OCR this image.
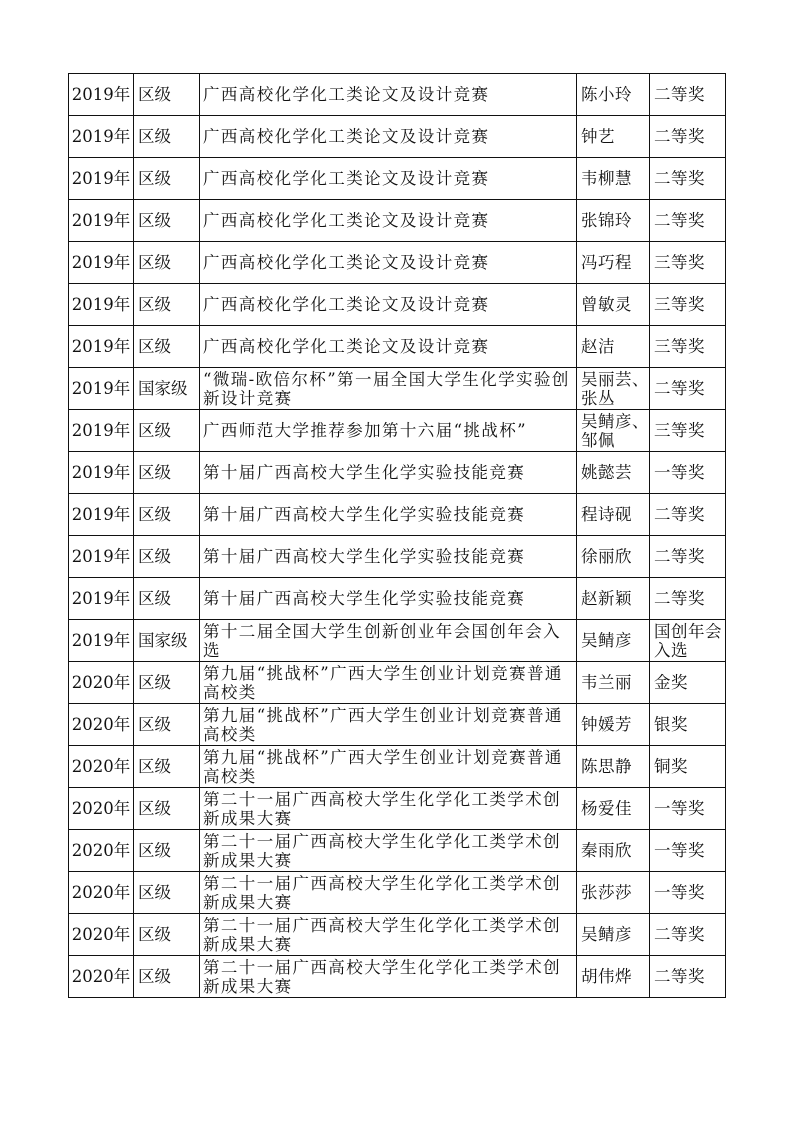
2019年	区级	广西高校化学化工类论文及设计竞赛	陈小玲	二等奖

2019年	区级	广西高校化学化工类论文及设计竞赛	钟艺	二等奖

2019年	区级	广西高校化学化工类论文及设计竞赛	韦柳慧	二等奖

2019年	区级	广西高校化学化工类论文及设计竞赛	张锦玲	二等奖

2019年	区级	广西高校化学化工类论文及设计竞赛	冯巧程	三等奖

2019年	区级	广西高校化学化工类论文及设计竞赛	曾敏灵	三等奖

2019年	区级	广西高校化学化工类论文及设计竞赛	赵洁	三等奖

2019年	国家级	“微瑞-欧倍尔杯”第一届全国大学生化学实验创新设计竞赛	吴丽芸、张丛	二等奖

2019年	区级	广西师范大学推荐参加第十六届“挑战杯”	吴鲭彦、邹佩	三等奖

2019年	区级	第十届广西高校大学生化学实验技能竞赛	姚懿芸	一等奖

2019年	区级	第十届广西高校大学生化学实验技能竞赛	程诗砚	二等奖

2019年	区级	第十届广西高校大学生化学实验技能竞赛	徐丽欣	二等奖

2019年	区级	第十届广西高校大学生化学实验技能竞赛	赵新颖	二等奖

2019年	国家级	第十二届全国大学生创新创业年会国创年会入选	吴鲭彦	国创年会入选

2020年	区级	第九届“挑战杯”广西大学生创业计划竞赛普通高校类	韦兰丽	金奖

2020年	区级	第九届“挑战杯”广西大学生创业计划竞赛普通高校类	钟媛芳	银奖

2020年	区级	第九届“挑战杯”广西大学生创业计划竞赛普通高校类	陈思静	铜奖

2020年	区级	第二十一届广西高校大学生化学化工类学术创新成果大赛	杨爱佳	一等奖

2020年	区级	第二十一届广西高校大学生化学化工类学术创新成果大赛	秦雨欣	一等奖

2020年	区级	第二十一届广西高校大学生化学化工类学术创新成果大赛	张莎莎	一等奖

2020年	区级	第二十一届广西高校大学生化学化工类学术创新成果大赛	吴鲭彦	二等奖

2020年	区级	第二十一届广西高校大学生化学化工类学术创新成果大赛	胡伟烨	二等奖
